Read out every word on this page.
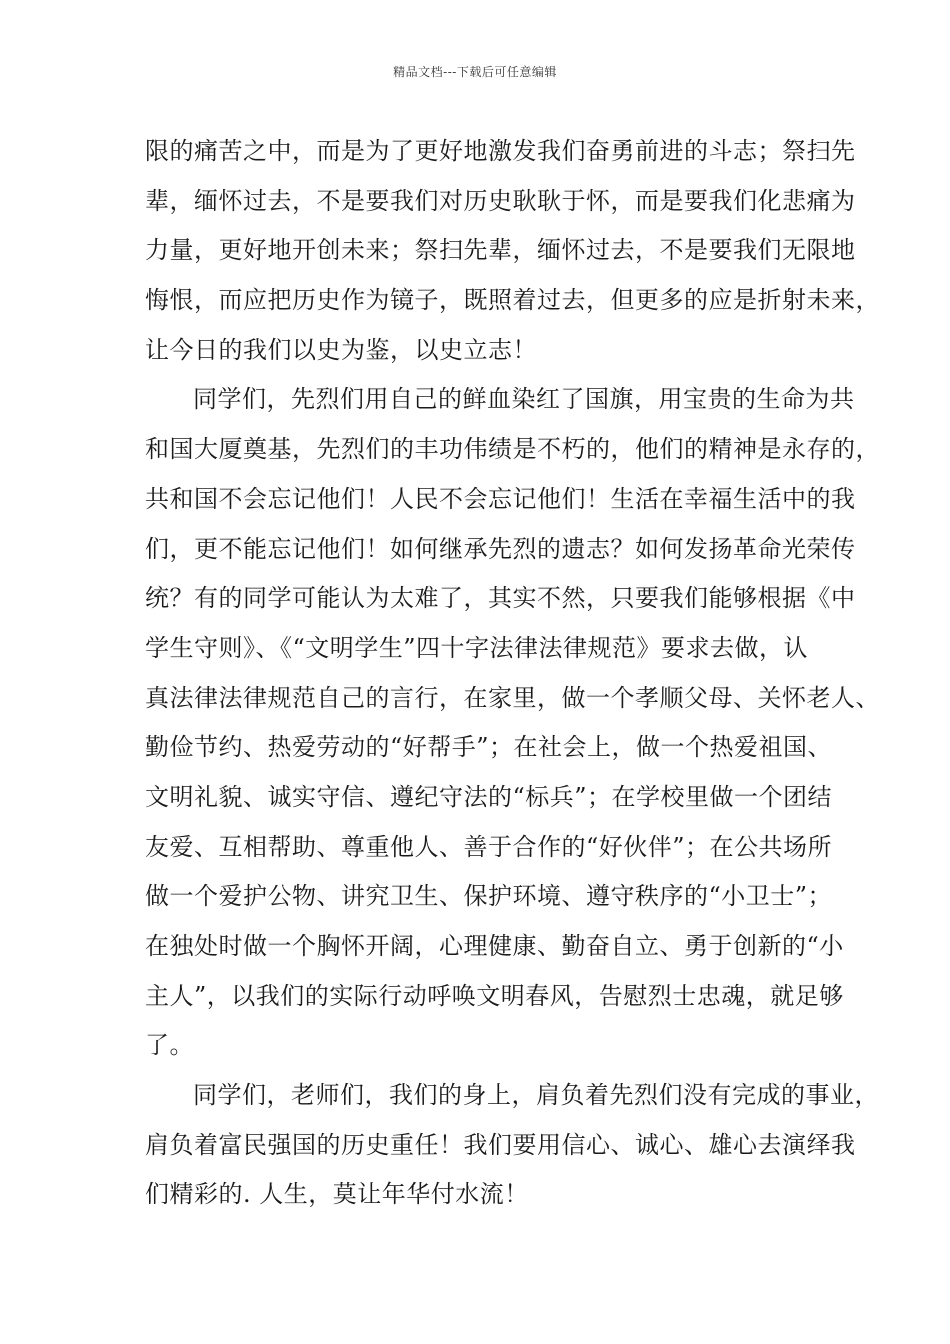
精品文档---下载后可任意编辑
限的痛苦之中，而是为了更好地激发我们奋勇前进的斗志；祭扫先
辈，缅怀过去，不是要我们对历史耿耿于怀，而是要我们化悲痛为
力量，更好地开创未来；祭扫先辈，缅怀过去，不是要我们无限地
悔恨，而应把历史作为镜子，既照着过去，但更多的应是折射未来，
让今日的我们以史为鉴，以史立志！
同学们，先烈们用自己的鲜血染红了国旗，用宝贵的生命为共
和国大厦奠基，先烈们的丰功伟绩是不朽的，他们的精神是永存的，
共和国不会忘记他们！人民不会忘记他们！生活在幸福生活中的我
们，更不能忘记他们！如何继承先烈的遗志？如何发扬革命光荣传
统？有的同学可能认为太难了，其实不然，只要我们能够根据《中
学生守则》、《“文明学生”四十字法律法律规范》要求去做，认
真法律法律规范自己的言行，在家里，做一个孝顺父母、关怀老人、
勤俭节约、热爱劳动的“好帮手”；在社会上，做一个热爱祖国、
文明礼貌、诚实守信、遵纪守法的“标兵”；在学校里做一个团结
友爱、互相帮助、尊重他人、善于合作的“好伙伴”；在公共场所
做一个爱护公物、讲究卫生、保护环境、遵守秩序的“小卫士”；
在独处时做一个胸怀开阔，心理健康、勤奋自立、勇于创新的“小
主人”，以我们的实际行动呼唤文明春风，告慰烈士忠魂，就足够
了。
同学们，老师们，我们的身上，肩负着先烈们没有完成的事业，
肩负着富民强国的历史重任！我们要用信心、诚心、雄心去演绎我
们精彩的. 人生，莫让年华付水流！
